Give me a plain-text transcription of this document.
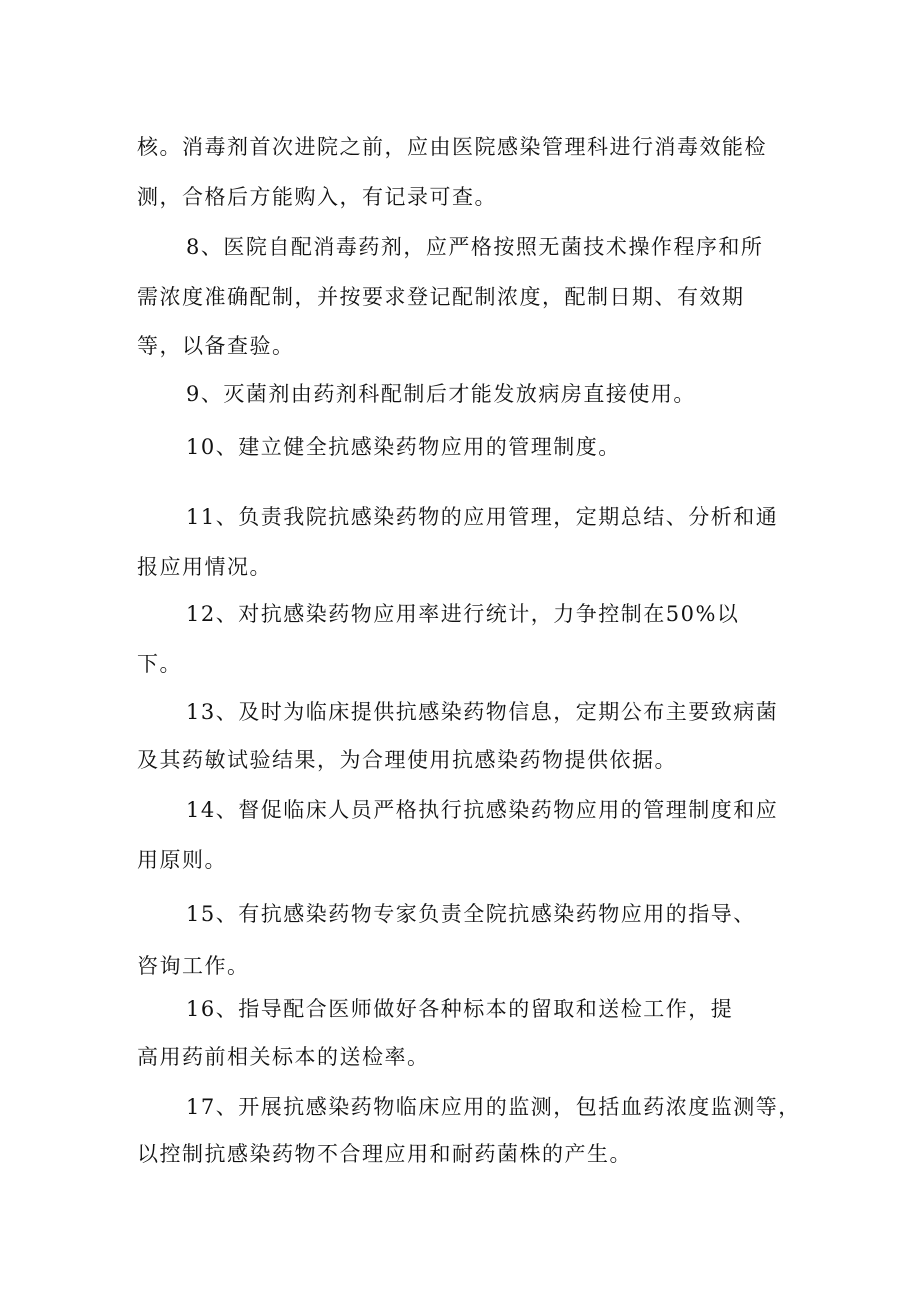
核。消毒剂首次进院之前，应由医院感染管理科进行消毒效能检
测，合格后方能购入，有记录可查。
8、医院自配消毒药剂，应严格按照无菌技术操作程序和所
需浓度准确配制，并按要求登记配制浓度，配制日期、有效期
等，以备查验。
9、灭菌剂由药剂科配制后才能发放病房直接使用。
10、建立健全抗感染药物应用的管理制度。
11、负责我院抗感染药物的应用管理，定期总结、分析和通
报应用情况。
12、对抗感染药物应用率进行统计，力争控制在50%以
下。
13、及时为临床提供抗感染药物信息，定期公布主要致病菌
及其药敏试验结果，为合理使用抗感染药物提供依据。
14、督促临床人员严格执行抗感染药物应用的管理制度和应
用原则。
15、有抗感染药物专家负责全院抗感染药物应用的指导、
咨询工作。
16、指导配合医师做好各种标本的留取和送检工作，提
高用药前相关标本的送检率。
17、开展抗感染药物临床应用的监测，包括血药浓度监测等，
以控制抗感染药物不合理应用和耐药菌株的产生。
